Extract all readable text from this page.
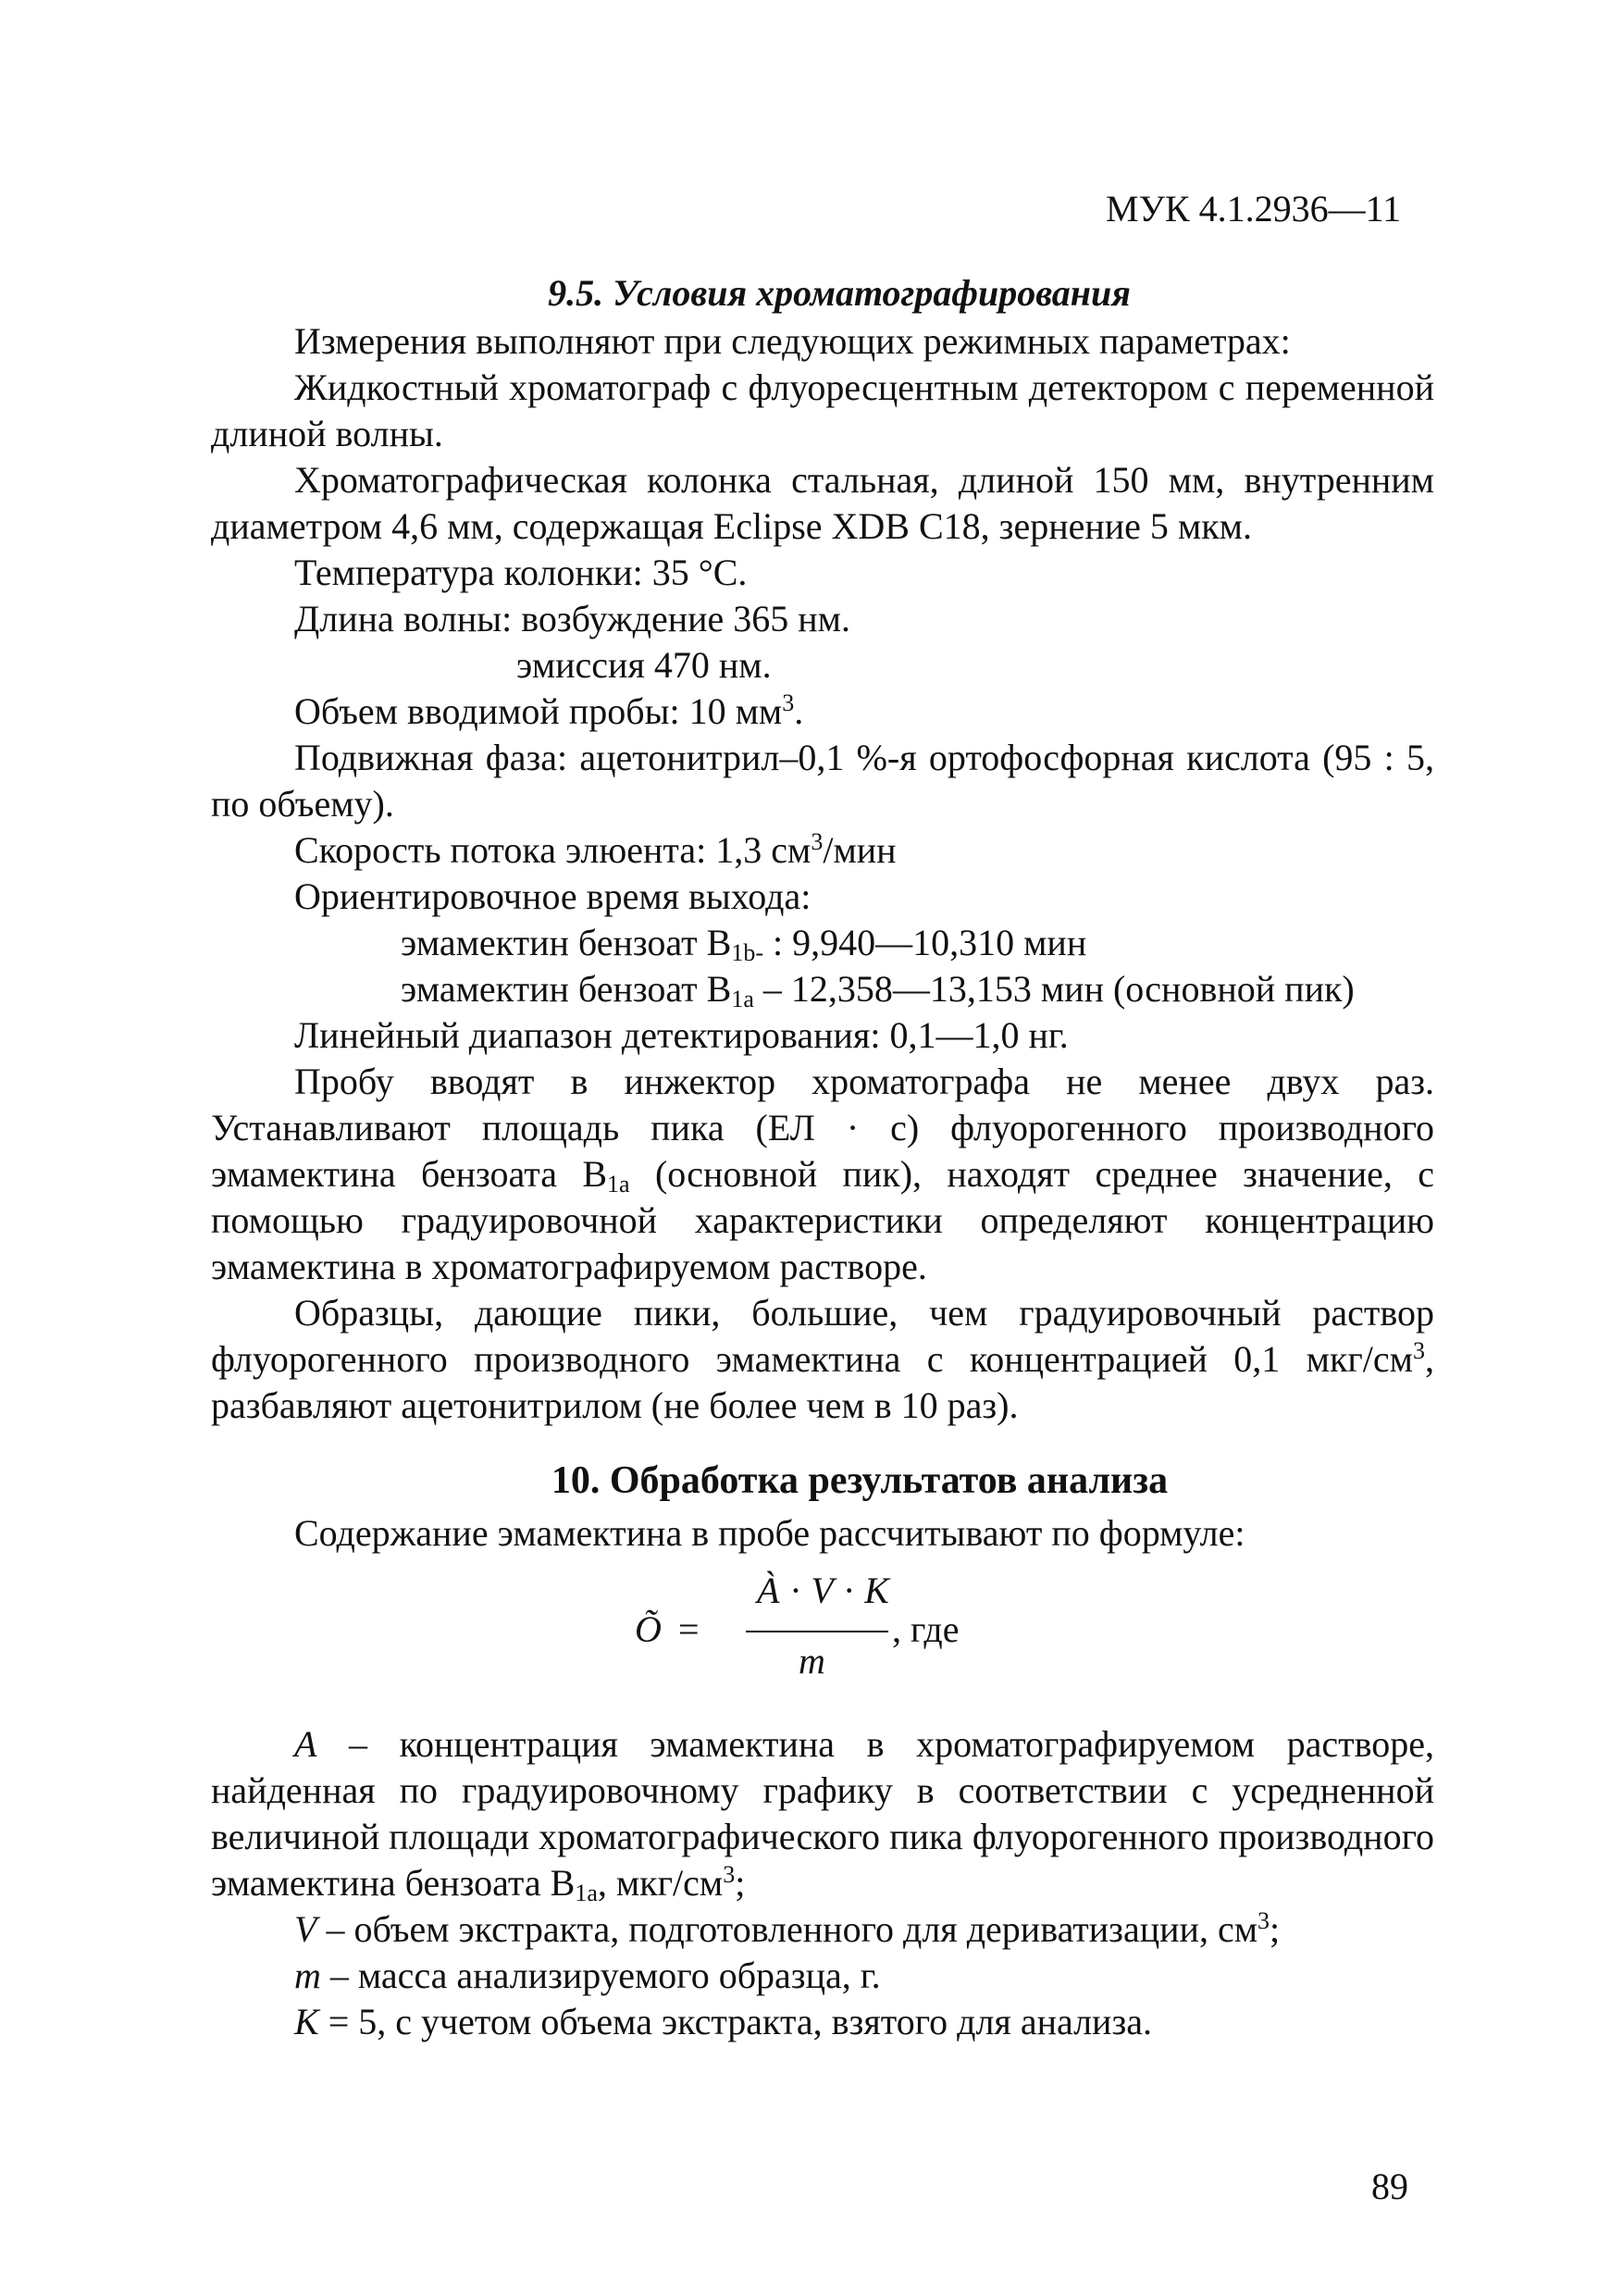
МУК 4.1.2936—11
9.5. Условия хроматографирования

Измерения выполняют при следующих режимных параметрах:

Жидкостный хроматограф с флуоресцентным детектором с переменной длиной волны.

Хроматографическая колонка стальная, длиной 150 мм, внутренним диаметром 4,6 мм, содержащая Eclipse XDB C18, зернение 5 мкм.

Температура колонки: 35 °С.

Длина волны: возбуждение 365 нм.

эмиссия 470 нм.

Объем вводимой пробы: 10 $мм^3$.

Подвижная фаза: ацетонитрил–0,1 %-я ортофосфорная кислота (95 : 5, по объему).

Скорость потока элюента: 1,3 $см^3$/мин

Ориентировочное время выхода:

эмамектин бензоат $B_{1b-}$ : 9,940—10,310 мин

эмамектин бензоат $B_{1a}$ – 12,358—13,153 мин (основной пик)

Линейный диапазон детектирования: 0,1—1,0 нг.

Пробу вводят в инжектор хроматографа не менее двух раз. Устанавливают площадь пика (ЕЛ · с) флуорогенного производного эмамектина бензоата $B_{1a}$ (основной пик), находят среднее значение, с помощью градуировочной характеристики определяют концентрацию эмамектина в хроматографируемом растворе.

Образцы, дающие пики, большие, чем градуировочный раствор флуорогенного производного эмамектина с концентрацией 0,1 мкг/$см^3$, разбавляют ацетонитрилом (не более чем в 10 раз).

10. Обработка результатов анализа

Содержание эмамектина в пробе рассчитывают по формуле:

Õ =
À · V · K
m
, где

A – концентрация эмамектина в хроматографируемом растворе, найденная по градуировочному графику в соответствии с усредненной величиной площади хроматографического пика флуорогенного производного эмамектина бензоата $B_{1a}$, мкг/$см^3$;

V – объем экстракта, подготовленного для дериватизации, $см^3$;

m – масса анализируемого образца, г.

K = 5, с учетом объема экстракта, взятого для анализа.

89
